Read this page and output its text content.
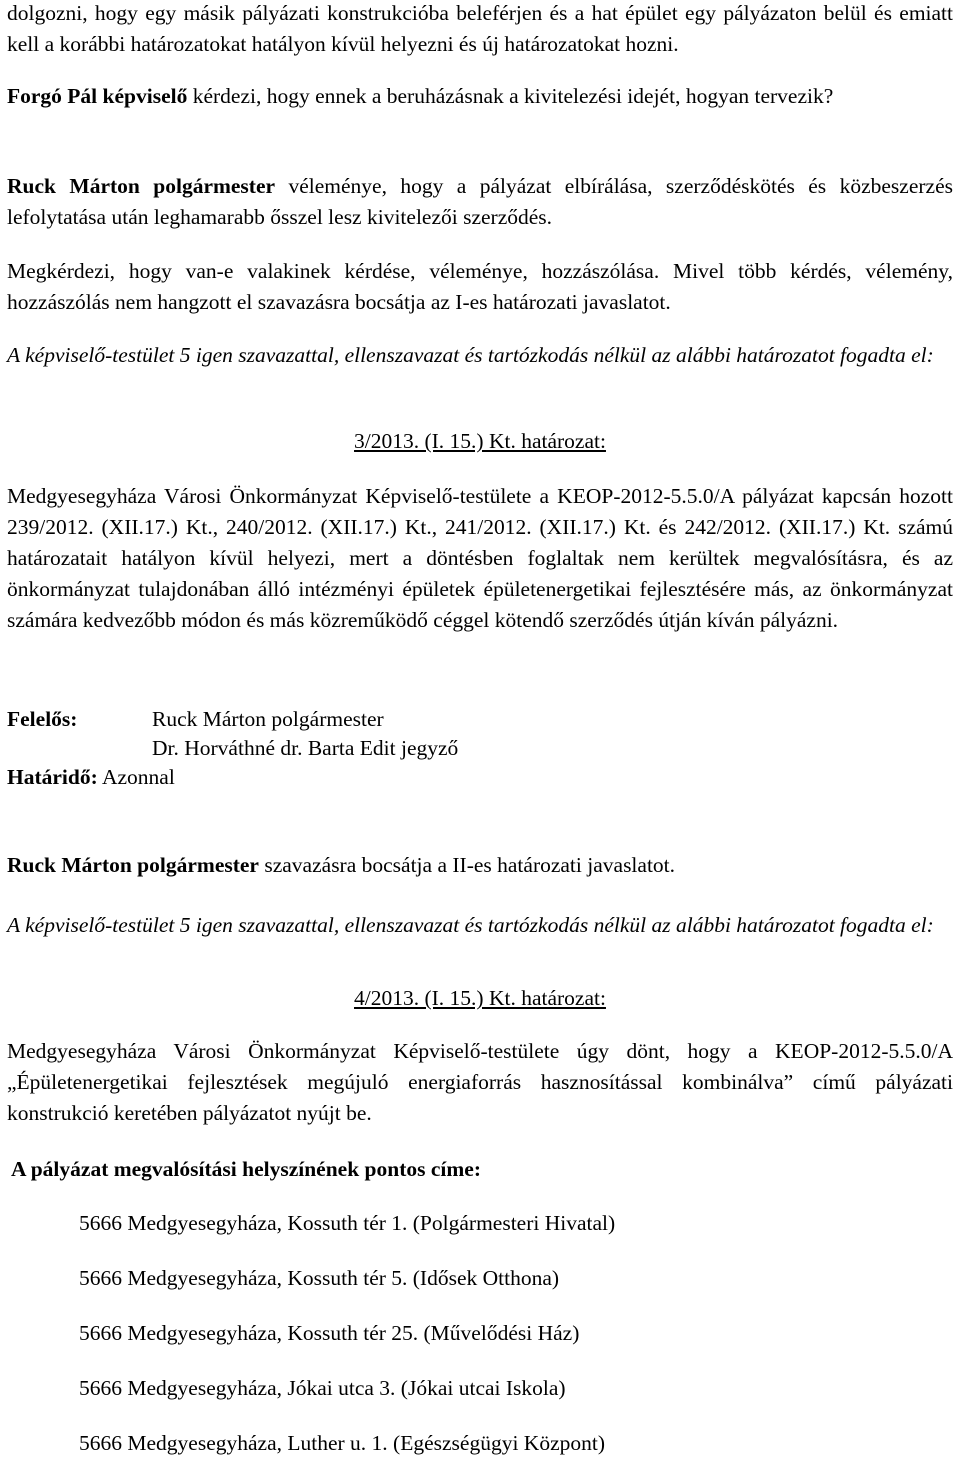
dolgozni, hogy egy másik pályázati konstrukcióba beleférjen és a hat épület egy pályázaton belül és emiatt kell a korábbi határozatokat hatályon kívül helyezni és új határozatokat hozni.

Forgó Pál képviselő kérdezi, hogy ennek a beruházásnak a kivitelezési idejét, hogyan tervezik?

Ruck Márton polgármester véleménye, hogy a pályázat elbírálása, szerződéskötés és közbeszerzés lefolytatása után leghamarabb ősszel lesz kivitelezői szerződés.

Megkérdezi, hogy van-e valakinek kérdése, véleménye, hozzászólása. Mivel több kérdés, vélemény, hozzászólás nem hangzott el szavazásra bocsátja az I-es határozati javaslatot.

A képviselő-testület 5 igen szavazattal, ellenszavazat és tartózkodás nélkül az alábbi határozatot fogadta el:

3/2013. (I. 15.) Kt. határozat:

Medgyesegyháza Városi Önkormányzat Képviselő-testülete a KEOP-2012-5.5.0/A pályázat kapcsán hozott 239/2012. (XII.17.) Kt., 240/2012. (XII.17.) Kt., 241/2012. (XII.17.) Kt. és 242/2012. (XII.17.) Kt. számú határozatait hatályon kívül helyezi, mert a döntésben foglaltak nem kerültek megvalósításra, és az önkormányzat tulajdonában álló intézményi épületek épületenergetikai fejlesztésére más, az önkormányzat számára kedvezőbb módon és más közreműködő céggel kötendő szerződés útján kíván pályázni.

Felelős:	Ruck Márton polgármester
Dr. Horváthné dr. Barta Edit jegyző
Határidő: Azonnal

Ruck Márton polgármester szavazásra bocsátja a II-es határozati javaslatot.

A képviselő-testület 5 igen szavazattal, ellenszavazat és tartózkodás nélkül az alábbi határozatot fogadta el:

4/2013. (I. 15.) Kt. határozat:

Medgyesegyháza Városi Önkormányzat Képviselő-testülete úgy dönt, hogy a KEOP-2012-5.5.0/A „Épületenergetikai fejlesztések megújuló energiaforrás hasznosítással kombinálva” című pályázati konstrukció keretében pályázatot nyújt be.

A pályázat megvalósítási helyszínének pontos címe:
5666 Medgyesegyháza, Kossuth tér 1. (Polgármesteri Hivatal)
5666 Medgyesegyháza, Kossuth tér 5. (Idősek Otthona)
5666 Medgyesegyháza, Kossuth tér 25. (Művelődési Ház)
5666 Medgyesegyháza, Jókai utca 3. (Jókai utcai Iskola)
5666 Medgyesegyháza, Luther u. 1. (Egészségügyi Központ)
